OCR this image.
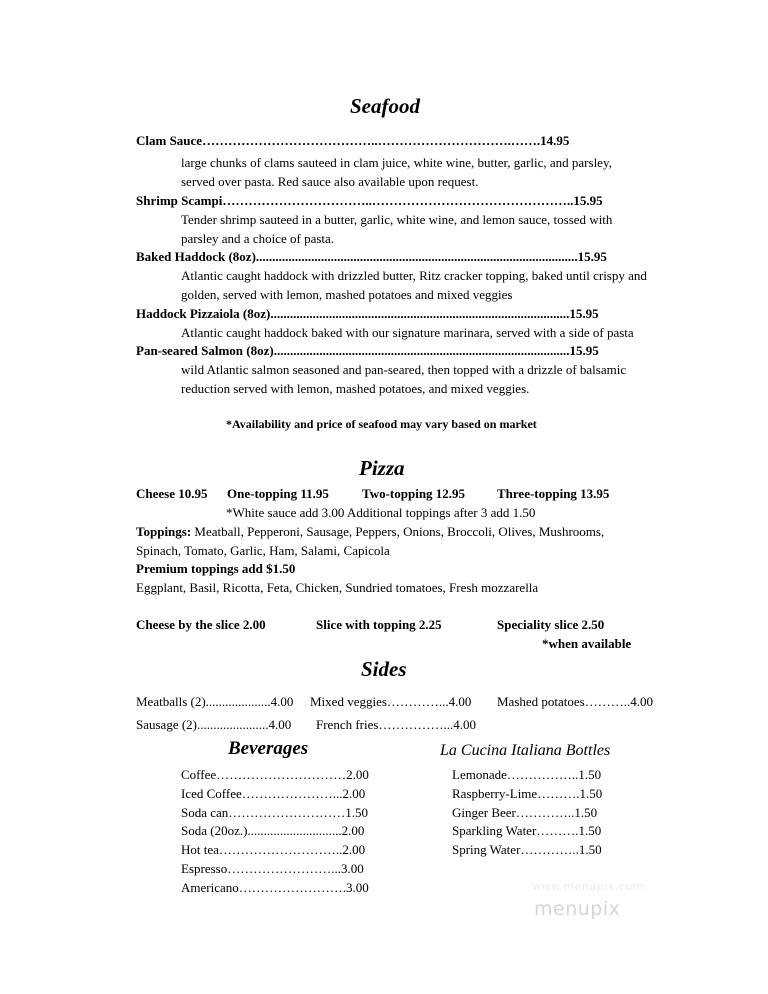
Seafood
Clam Sauce…………………………………..………………………….…….14.95
large chunks of clams sauteed in clam juice, white wine, butter, garlic, and parsley,
served over pasta. Red sauce also available upon request.
Shrimp Scampi……………………………..………………………………………..15.95
Tender shrimp sauteed in a butter, garlic, white wine, and lemon sauce, tossed with
parsley and a choice of pasta.
Baked Haddock (8oz)...................................................................................................15.95
Atlantic caught haddock with drizzled butter, Ritz cracker topping, baked until crispy and
golden, served with lemon, mashed potatoes and mixed veggies
Haddock Pizzaiola (8oz)............................................................................................15.95
Atlantic caught haddock baked with our signature marinara, served with a side of pasta
Pan-seared Salmon (8oz)...........................................................................................15.95
wild Atlantic salmon seasoned and pan-seared, then topped with a drizzle of balsamic
reduction served with lemon, mashed potatoes, and mixed veggies.
*Availability and price of seafood may vary based on market
Pizza
Cheese 10.95 One-topping 11.95	Two-topping 12.95 Three-topping 13.95
*White sauce add 3.00 Additional toppings after 3 add 1.50
Toppings: Meatball, Pepperoni, Sausage, Peppers, Onions, Broccoli, Olives, Mushrooms,
Spinach, Tomato, Garlic, Ham, Salami, Capicola
Premium toppings add $1.50
Eggplant, Basil, Ricotta, Feta, Chicken, Sundried tomatoes, Fresh mozzarella
Cheese by the slice 2.00	Slice with topping 2.25	Speciality slice 2.50
*when available
Sides
Meatballs (2)....................4.00 Mixed veggies…………...4.00 Mashed potatoes………..4.00
Sausage (2)......................4.00 French fries……………...4.00
Beverages
Coffee…………………………2.00
Iced Coffee…………………...2.00
Soda can………………………1.50
Soda (20oz.).............................2.00
Hot tea………………………..2.00
Espresso……………………...3.00
Americano…………………….3.00
La Cucina Italiana Bottles
Lemonade……………..1.50
Raspberry-Lime……….1.50
Ginger Beer…………..1.50
Sparkling Water……….1.50
Spring Water…………..1.50
www.menupix.com
menupix
